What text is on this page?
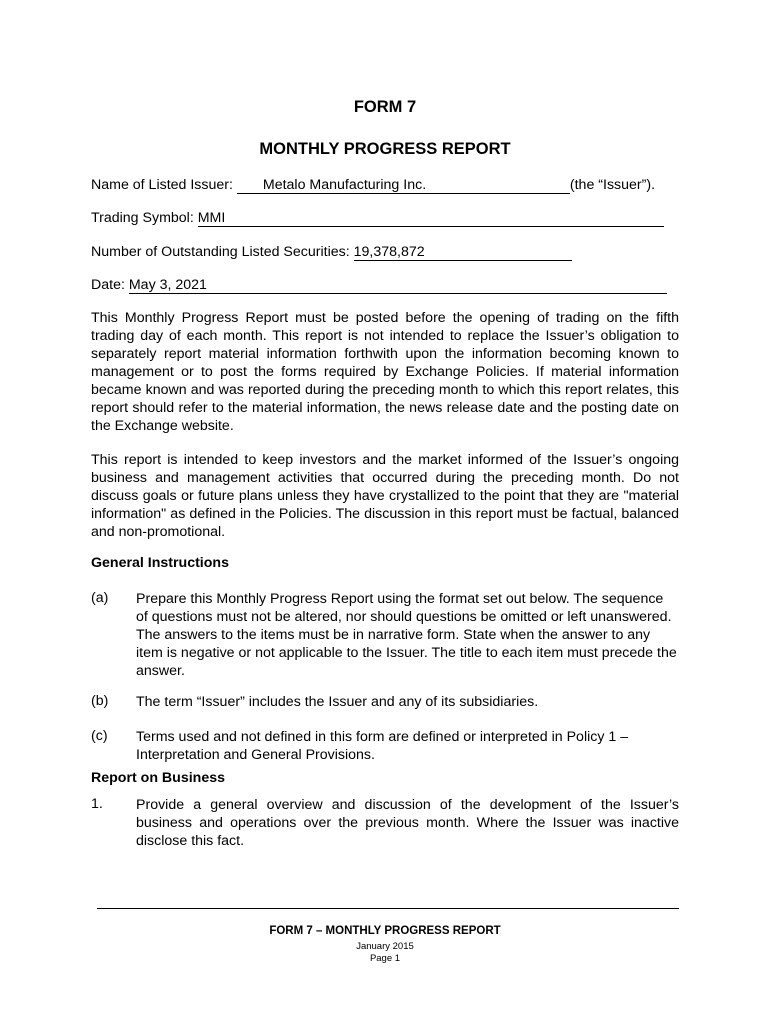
FORM 7
MONTHLY PROGRESS REPORT
Name of Listed Issuer: Metalo Manufacturing Inc.	(the “Issuer”).
Trading Symbol: MMI
Number of Outstanding Listed Securities: 19,378,872
Date: May 3, 2021
This Monthly Progress Report must be posted before the opening of trading on the fifth trading day of each month. This report is not intended to replace the Issuer’s obligation to separately report material information forthwith upon the information becoming known to management or to post the forms required by Exchange Policies. If material information became known and was reported during the preceding month to which this report relates, this report should refer to the material information, the news release date and the posting date on the Exchange website.
This report is intended to keep investors and the market informed of the Issuer’s ongoing business and management activities that occurred during the preceding month. Do not discuss goals or future plans unless they have crystallized to the point that they are "material information" as defined in the Policies. The discussion in this report must be factual, balanced and non-promotional.
General Instructions
(a) Prepare this Monthly Progress Report using the format set out below. The sequence of questions must not be altered, nor should questions be omitted or left unanswered. The answers to the items must be in narrative form. State when the answer to any item is negative or not applicable to the Issuer. The title to each item must precede the answer.
(b) The term “Issuer” includes the Issuer and any of its subsidiaries.
(c) Terms used and not defined in this form are defined or interpreted in Policy 1 – Interpretation and General Provisions.
Report on Business
1. Provide a general overview and discussion of the development of the Issuer’s business and operations over the previous month. Where the Issuer was inactive disclose this fact.
FORM 7 – MONTHLY PROGRESS REPORT
January 2015
Page 1
